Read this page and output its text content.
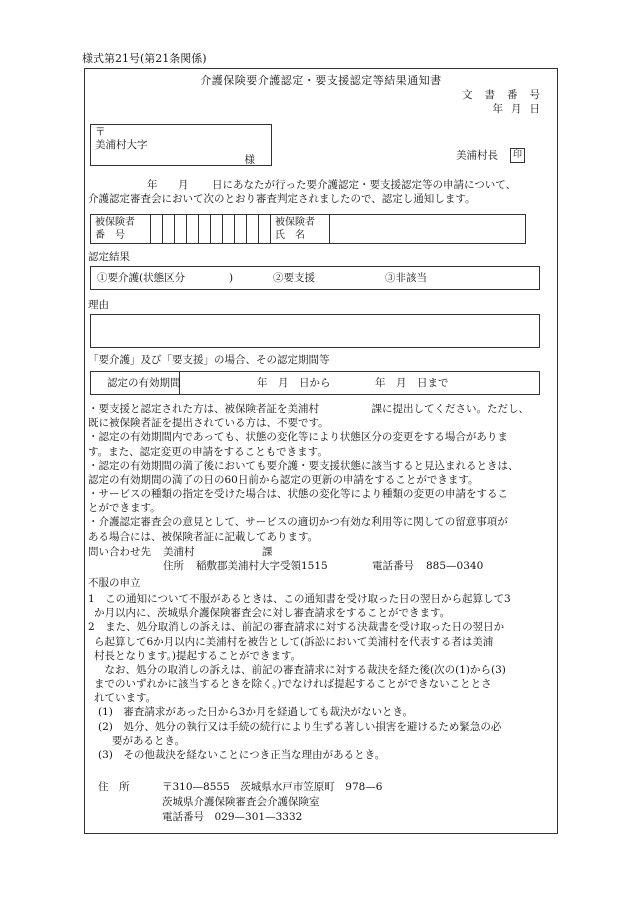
様式第21号(第21条関係)
介護保険要介護認定・要支援認定等結果通知書
文書番号
年月日
〒
美浦村大字
様	美浦村長 印
年 月 日にあなたが行った要介護認定・要支援認定等の申請について、
介護認定審査会において次のとおり審査判定されましたので、認定し通知します。
被保険者
番　号

被保険者
氏　名

認定結果
①要介護(状態区分	)	②要支援	③非該当
理由
「要介護」及び「要支援」の場合、その認定期間等
認定の有効期間	年　月　日から	年　月　日まで
・要支援と認定された方は、被保険者証を美浦村　　　　　課に提出してください。ただし、
既に被保険者証を提出されている方は、不要です。
・認定の有効期間内であっても、状態の変化等により状態区分の変更をする場合がありま
す。また、認定変更の申請をすることもできます。
・認定の有効期間の満了後においても要介護・要支援状態に該当すると見込まれるときは、
認定の有効期間の満了の日の60日前から認定の更新の申請をすることができます。
・サービスの種類の指定を受けた場合は、状態の変化等により種類の変更の申請をするこ
とができます。
・介護認定審査会の意見として、サービスの適切かつ有効な利用等に関しての留意事項が
ある場合には、被保険者証に記載してあります。
問い合わせ先 美浦村	課
住所 稲敷郡美浦村大字受領1515	電話番号 885—0340
不服の申立
1　この通知について不服があるときは、この通知書を受け取った日の翌日から起算して3
か月以内に、茨城県介護保険審査会に対し審査請求をすることができます。
2　また、処分取消しの訴えは、前記の審査請求に対する決裁書を受け取った日の翌日か
ら起算して6か月以内に美浦村を被告として(訴訟において美浦村を代表する者は美浦
村長となります。)提起することができます。
　なお、処分の取消しの訴えは、前記の審査請求に対する裁決を経た後(次の(1)から(3)
までのいずれかに該当するときを除く。)でなければ提起することができないこととさ
れています。
(1)　審査請求があった日から3か月を経過しても裁決がないとき。
(2)　処分、処分の執行又は手続の続行により生ずる著しい損害を避けるため緊急の必
要があるとき。
(3)　その他裁決を経ないことにつき正当な理由があるとき。
住　所	〒310—8555　茨城県水戸市笠原町　978—6
茨城県介護保険審査会介護保険室
電話番号　029—301—3332
